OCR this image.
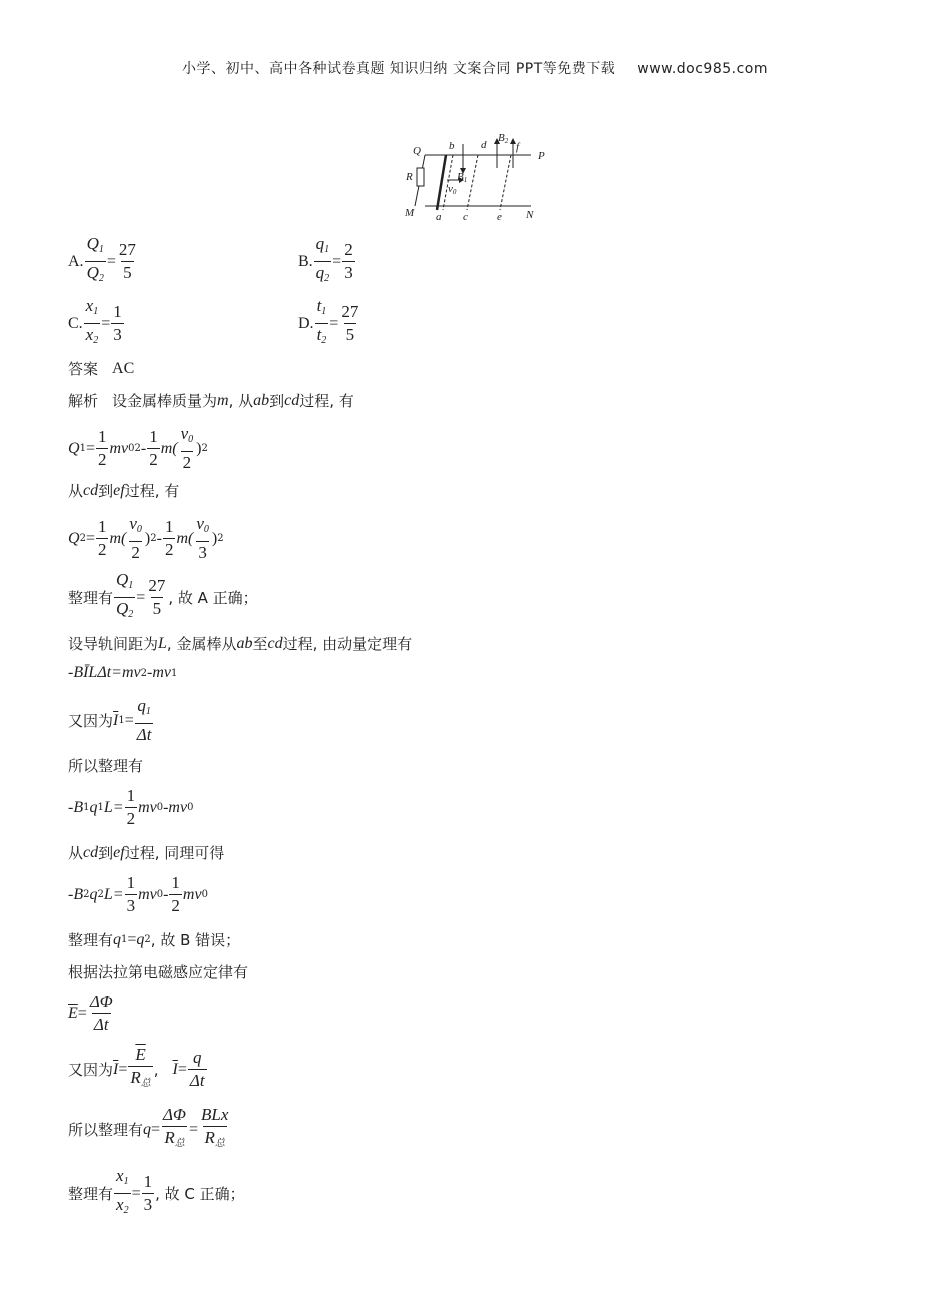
小学、初中、高中各种试卷真题 知识归纳 文案合同 PPT等免费下载 www.doc985.com
Q	b d
B2 f
P
R	B1
v0
M a c	e N
A. $\frac{Q_1}{Q_2} = \frac{27}{5}$	B. $\frac{q_1}{q_2} = \frac{2}{3}$
C. $\frac{x_1}{x_2} = \frac{1}{3}$	D. $\frac{t_1}{t_2} = \frac{27}{5}$
答案 AC
解析 设金属棒质量为 m , 从 ab 到 cd 过程, 有
Q $1 = \frac{1}{2}$ mv 0 2 -
1
2
m(
$v_0$
2
) 2
从 cd 到 ef 过程, 有
Q $2 = \frac{1}{2} m$(
$v_0$
2
) 2 -
1
2
m(
$v_0$
3
) 2
整理有 $\frac{Q_1}{Q_2} = \frac{27}{5}$ , 故 A 正确；
设导轨间距为 L , 金属棒从 ab 至 cd 过程, 由动量定理有
-BĪLΔt=mv 2 -mv 1
又因为 $\overline{I}$ $1 = \frac{q_1}{\Delta t}$
所以整理有
-B 1 q 1 $L= \frac{1}{2}$ mv 0 -mv 0
从 cd 到 ef 过程, 同理可得
-B 2 q 2 $L= \frac{1}{3}$ mv 0 -
1
2
mv 0
整理有 q 1 = q 2 , 故 B 错误；
根据法拉第电磁感应定律有
$\overline{E} = \frac{\Delta\Phi}{\Delta t}$
又因为 $\overline{I}$ =
$\overline{E}$
$R_总$
, $\overline{I} = \frac{q}{\Delta t}$
所以整理有 q =
ΔΦ
$R_总$
=
BLx
$R_总$
整理有 $\frac{x_1}{x_2} = \frac{1}{3}$ , 故 C 正确；
